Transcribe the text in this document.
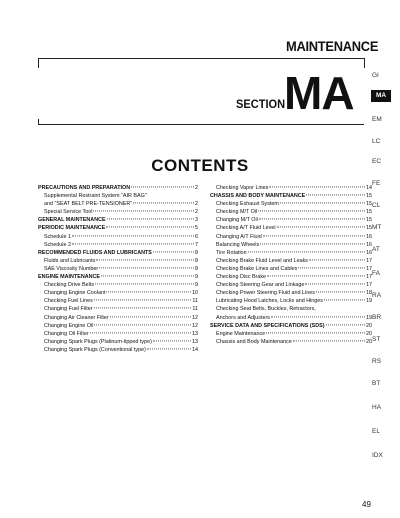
MAINTENANCE
SECTION
MA
CONTENTS
PRECAUTIONS AND PREPARATION	2
Supplemental Restraint System "AIR BAG"
and "SEAT BELT PRE-TENSIONER"	2
Special Service Tool	2
GENERAL MAINTENANCE	3
PERIODIC MAINTENANCE	5
Schedule 1	6
Schedule 2	7
RECOMMENDED FLUIDS AND LUBRICANTS	8
Fluids and Lubricants	8
SAE Viscosity Number	8
ENGINE MAINTENANCE	9
Checking Drive Belts	9
Changing Engine Coolant	10
Checking Fuel Lines	11
Changing Fuel Filter	11
Changing Air Cleaner Filter	12
Changing Engine Oil	12
Changing Oil Filter	13
Changing Spark Plugs (Platinum-tipped type)	13
Changing Spark Plugs (Conventional type)	14
Checking Vapor Lines	14
CHASSIS AND BODY MAINTENANCE	15
Checking Exhaust System	15
Checking M/T Oil	15
Changing M/T Oil	15
Checking A/T Fluid Level	15
Changing A/T Fluid	16
Balancing Wheels	16
Tire Rotation	16
Checking Brake Fluid Level and Leaks	17
Checking Brake Lines and Cables	17
Checking Disc Brake	17
Checking Steering Gear and Linkage	17
Checking Power Steering Fluid and Lines	18
Lubricating Hood Latches, Locks and Hinges	19
Checking Seat Belts, Buckles, Retractors,
Anchors and Adjusters	19
SERVICE DATA AND SPECIFICATIONS (SDS)	20
Engine Maintenance	20
Chassis and Body Maintenance	20
GI
MA
EM
LC
EC
FE
CL
MT
AT
FA
RA
BR
ST
RS
BT
HA
EL
IDX
49
